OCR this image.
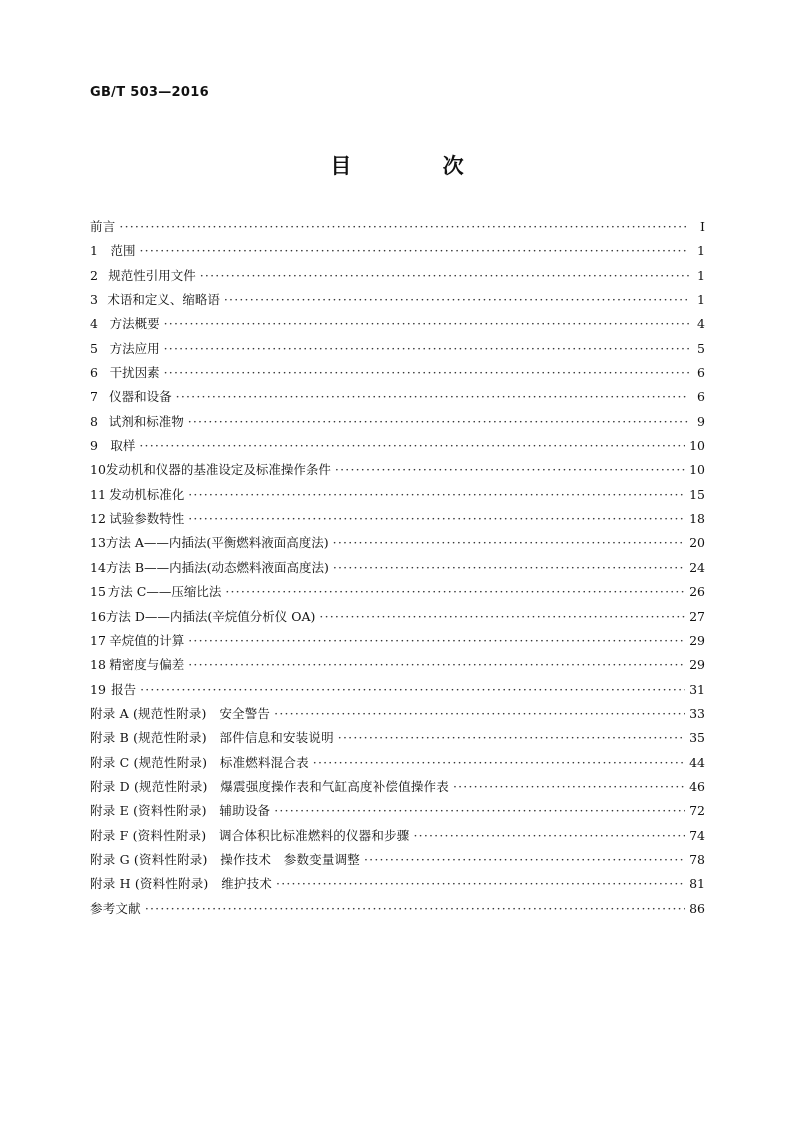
GB/T 503—2016
目 次
前言 ·····	Ⅰ
1	范围 ·····	1
2 规范性引用文件 ·····	1
3 术语和定义、缩略语 ·····	1
4 方法概要 ·····	4
5 方法应用 ·····	5
6 干扰因素 ·····	6
7 仪器和设备 ·····	6
8 试剂和标准物 ·····	9
9 取样 ·····	10
10 发动机和仪器的基准设定及标准操作条件 ·····	10
11 发动机标准化 ·····	15
12 试验参数特性 ·····	18
13 方法 A——内插法(平衡燃料液面高度法) ·····	20
14 方法 B——内插法(动态燃料液面高度法) ·····	24
15 方法 C——压缩比法 ·····	26
16 方法 D——内插法(辛烷值分析仪 OA) ·····	27
17 辛烷值的计算 ·····	29
18 精密度与偏差 ·····	29
19 报告 ·····	31
附录 A (规范性附录)　安全警告 ·····	33
附录 B (规范性附录)　部件信息和安装说明 ·····	35
附录 C (规范性附录)　标准燃料混合表 ·····	44
附录 D (规范性附录)　爆震强度操作表和气缸高度补偿值操作表 ·····	46
附录 E (资料性附录)　辅助设备 ·····	72
附录 F (资料性附录)　调合体积比标准燃料的仪器和步骤 ·····	74
附录 G (资料性附录)　操作技术　参数变量调整 ·····	78
附录 H (资料性附录)　维护技术 ·····	81
参考文献 ·····	86
